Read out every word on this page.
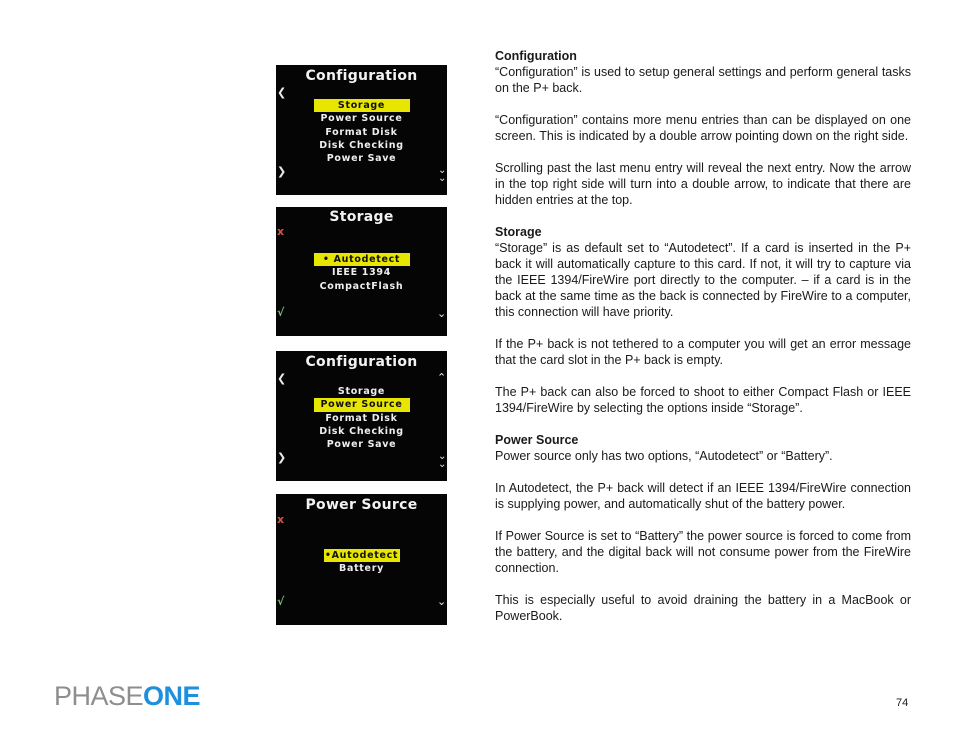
Configuration
Storage
Power Source
Format Disk
Disk Checking
Power Save
❮
❯	⌄
⌄
Storage
• Autodetect
IEEE 1394
CompactFlash
x
√	⌄
Configuration
Storage
Power Source
Format Disk
Disk Checking
Power Save
❮	⌃
❯	⌄
⌄
Power Source
•Autodetect
Battery
x
√	⌄
Configuration

“Configuration” is used to setup general settings and perform general tasks on the P+ back.

“Configuration” contains more menu entries than can be displayed on one screen. This is indicated by a double arrow pointing down on the right side.

Scrolling past the last menu entry will reveal the next entry. Now the arrow in the top right side will turn into a double arrow, to indicate that there are hidden entries at the top.

Storage

“Storage” is as default set to “Autodetect”. If a card is inserted in the P+ back it will automatically capture to this card. If not, it will try to capture via the IEEE 1394/FireWire port directly to the computer. – if a card is in the back at the same time as the back is connected by FireWire to a computer, this connection will have priority.

If the P+ back is not tethered to a computer you will get an error message that the card slot in the P+ back is empty.

The P+ back can also be forced to shoot to either Compact Flash or IEEE 1394/FireWire by selecting the options inside “Storage”.

Power Source

Power source only has two options, “Autodetect” or “Battery”.

In Autodetect, the P+ back will detect if an IEEE 1394/FireWire connection is supplying power, and automatically shut of the battery power.

If Power Source is set to “Battery” the power source is forced to come from the battery, and the digital back will not consume power from the FireWire connection.

This is especially useful to avoid draining the battery in a MacBook or PowerBook.

PHASEONE	74
